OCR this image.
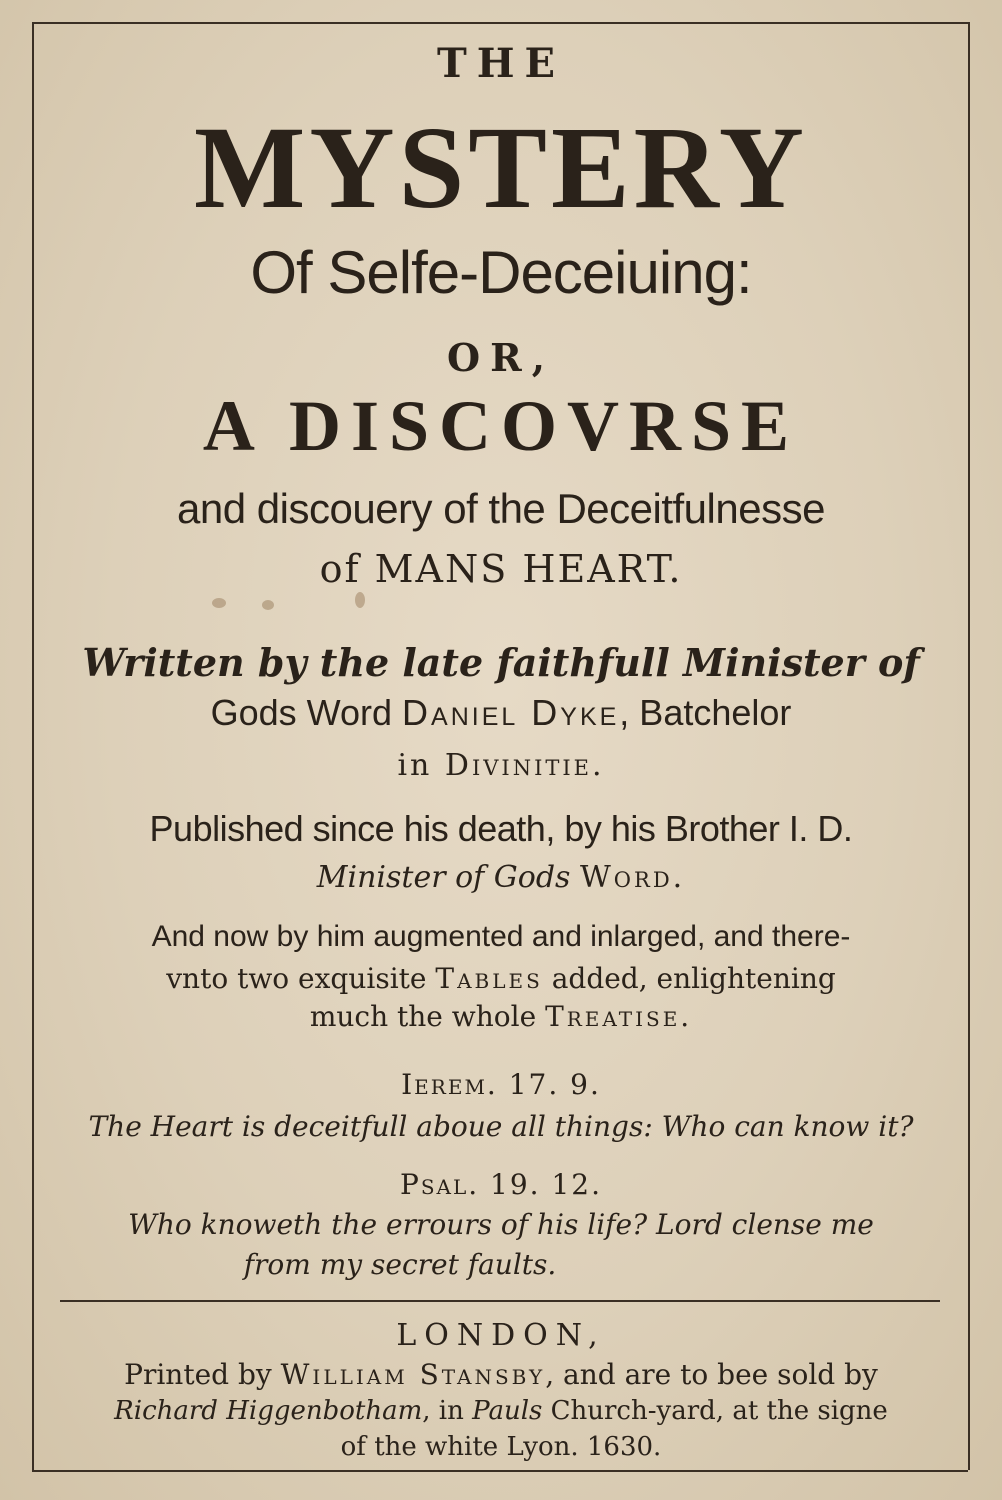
THE
MYSTERY
Of Selfe-Deceiuing:
OR,
A DISCOVRSE
and discouery of the Deceitfulnesse
of MANS HEART.
Written by the late faithfull Minister of
Gods Word Daniel Dyke, Batchelor
in Divinitie.
Published since his death, by his Brother I. D.
Minister of Gods Word.
And now by him augmented and inlarged, and there-
vnto two exquisite Tables added, enlightening
much the whole Treatise.
Ierem. 17. 9.
The Heart is deceitfull aboue all things: Who can know it?
Psal. 19. 12.
Who knoweth the errours of his life? Lord clense me
from my secret faults.
LONDON,
Printed by William Stansby, and are to bee sold by
Richard Higgenbotham, in Pauls Church-yard, at the signe
of the white Lyon. 1630.
